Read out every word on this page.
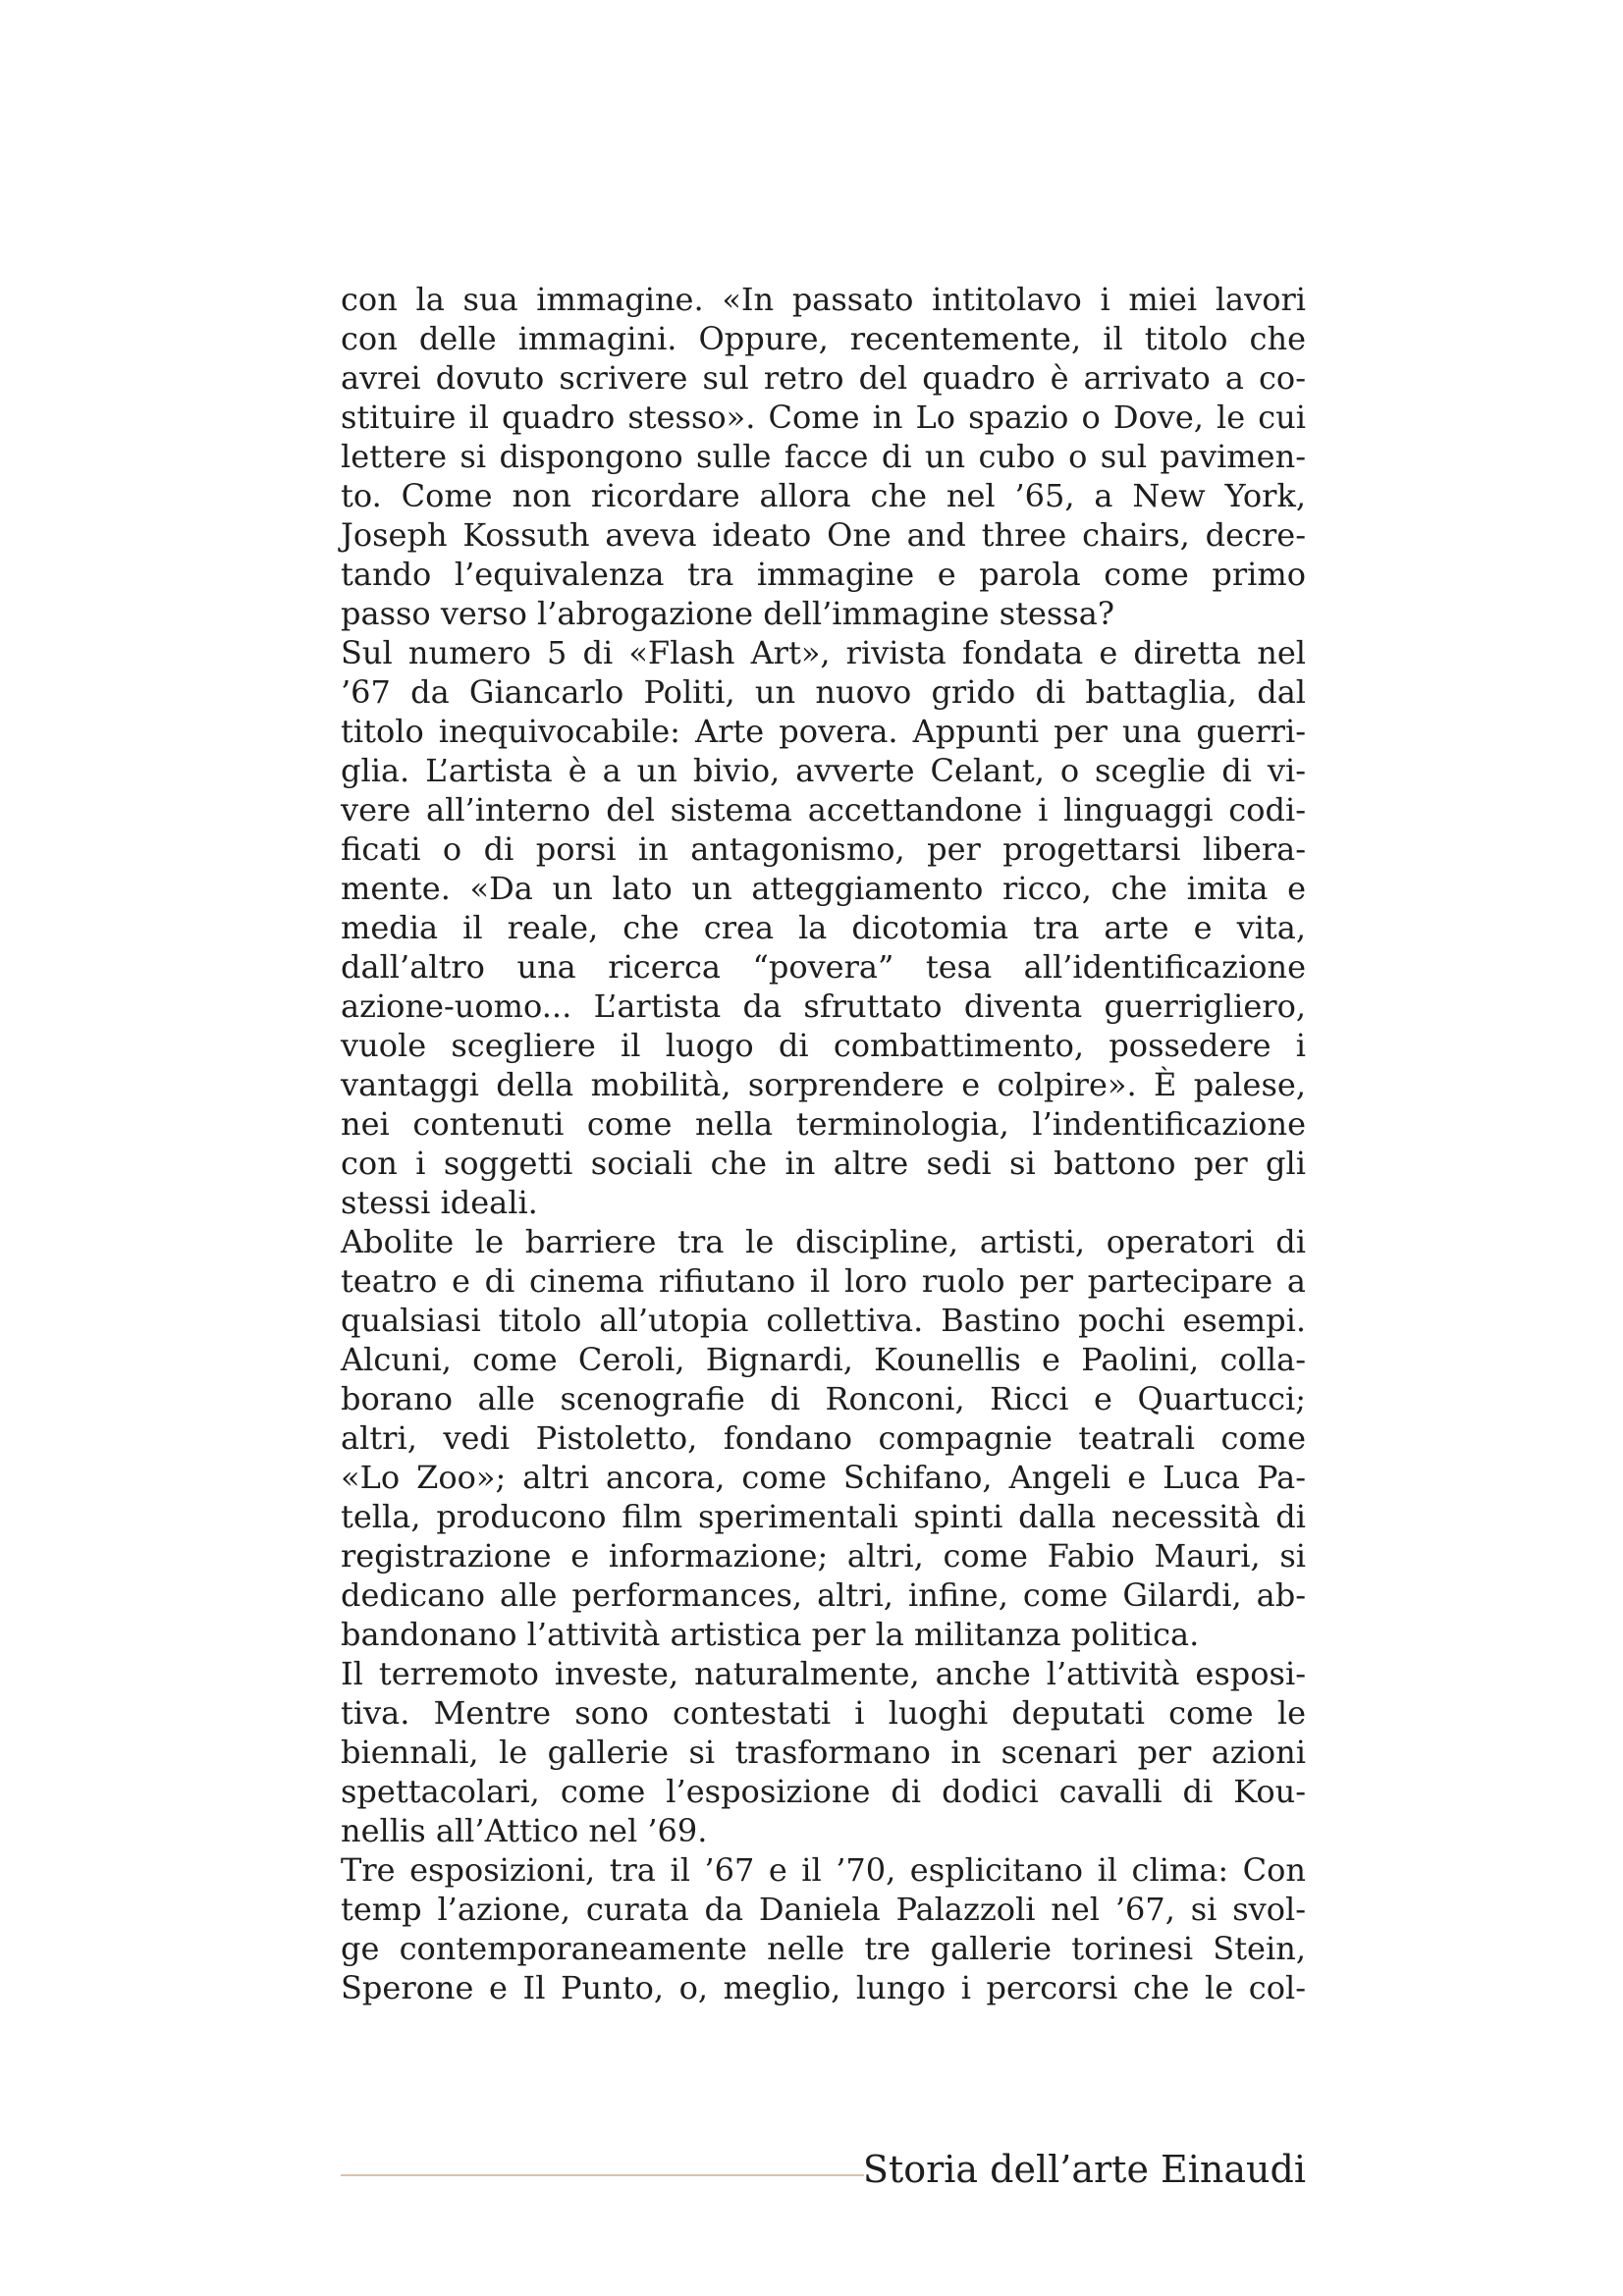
con la sua immagine. «In passato intitolavo i miei lavori
con delle immagini. Oppure, recentemente, il titolo che
avrei dovuto scrivere sul retro del quadro è arrivato a co-
stituire il quadro stesso». Come in Lo spazio o Dove, le cui
lettere si dispongono sulle facce di un cubo o sul pavimen-
to. Come non ricordare allora che nel ’65, a New York,
Joseph Kossuth aveva ideato One and three chairs, decre-
tando l’equivalenza tra immagine e parola come primo
passo verso l’abrogazione dell’immagine stessa?
Sul numero 5 di «Flash Art», rivista fondata e diretta nel
’67 da Giancarlo Politi, un nuovo grido di battaglia, dal
titolo inequivocabile: Arte povera. Appunti per una guerri-
glia. L’artista è a un bivio, avverte Celant, o sceglie di vi-
vere all’interno del sistema accettandone i linguaggi codi-
ficati o di porsi in antagonismo, per progettarsi libera-
mente. «Da un lato un atteggiamento ricco, che imita e
media il reale, che crea la dicotomia tra arte e vita,
dall’altro una ricerca “povera” tesa all’identificazione
azione-uomo... L’artista da sfruttato diventa guerrigliero,
vuole scegliere il luogo di combattimento, possedere i
vantaggi della mobilità, sorprendere e colpire». È palese,
nei contenuti come nella terminologia, l’indentificazione
con i soggetti sociali che in altre sedi si battono per gli
stessi ideali.
Abolite le barriere tra le discipline, artisti, operatori di
teatro e di cinema rifiutano il loro ruolo per partecipare a
qualsiasi titolo all’utopia collettiva. Bastino pochi esempi.
Alcuni, come Ceroli, Bignardi, Kounellis e Paolini, colla-
borano alle scenografie di Ronconi, Ricci e Quartucci;
altri, vedi Pistoletto, fondano compagnie teatrali come
«Lo Zoo»; altri ancora, come Schifano, Angeli e Luca Pa-
tella, producono film sperimentali spinti dalla necessità di
registrazione e informazione; altri, come Fabio Mauri, si
dedicano alle performances, altri, infine, come Gilardi, ab-
bandonano l’attività artistica per la militanza politica.
Il terremoto investe, naturalmente, anche l’attività esposi-
tiva. Mentre sono contestati i luoghi deputati come le
biennali, le gallerie si trasformano in scenari per azioni
spettacolari, come l’esposizione di dodici cavalli di Kou-
nellis all’Attico nel ’69.
Tre esposizioni, tra il ’67 e il ’70, esplicitano il clima: Con
temp l’azione, curata da Daniela Palazzoli nel ’67, si svol-
ge contemporaneamente nelle tre gallerie torinesi Stein,
Sperone e Il Punto, o, meglio, lungo i percorsi che le col-
Storia dell’arte Einaudi
